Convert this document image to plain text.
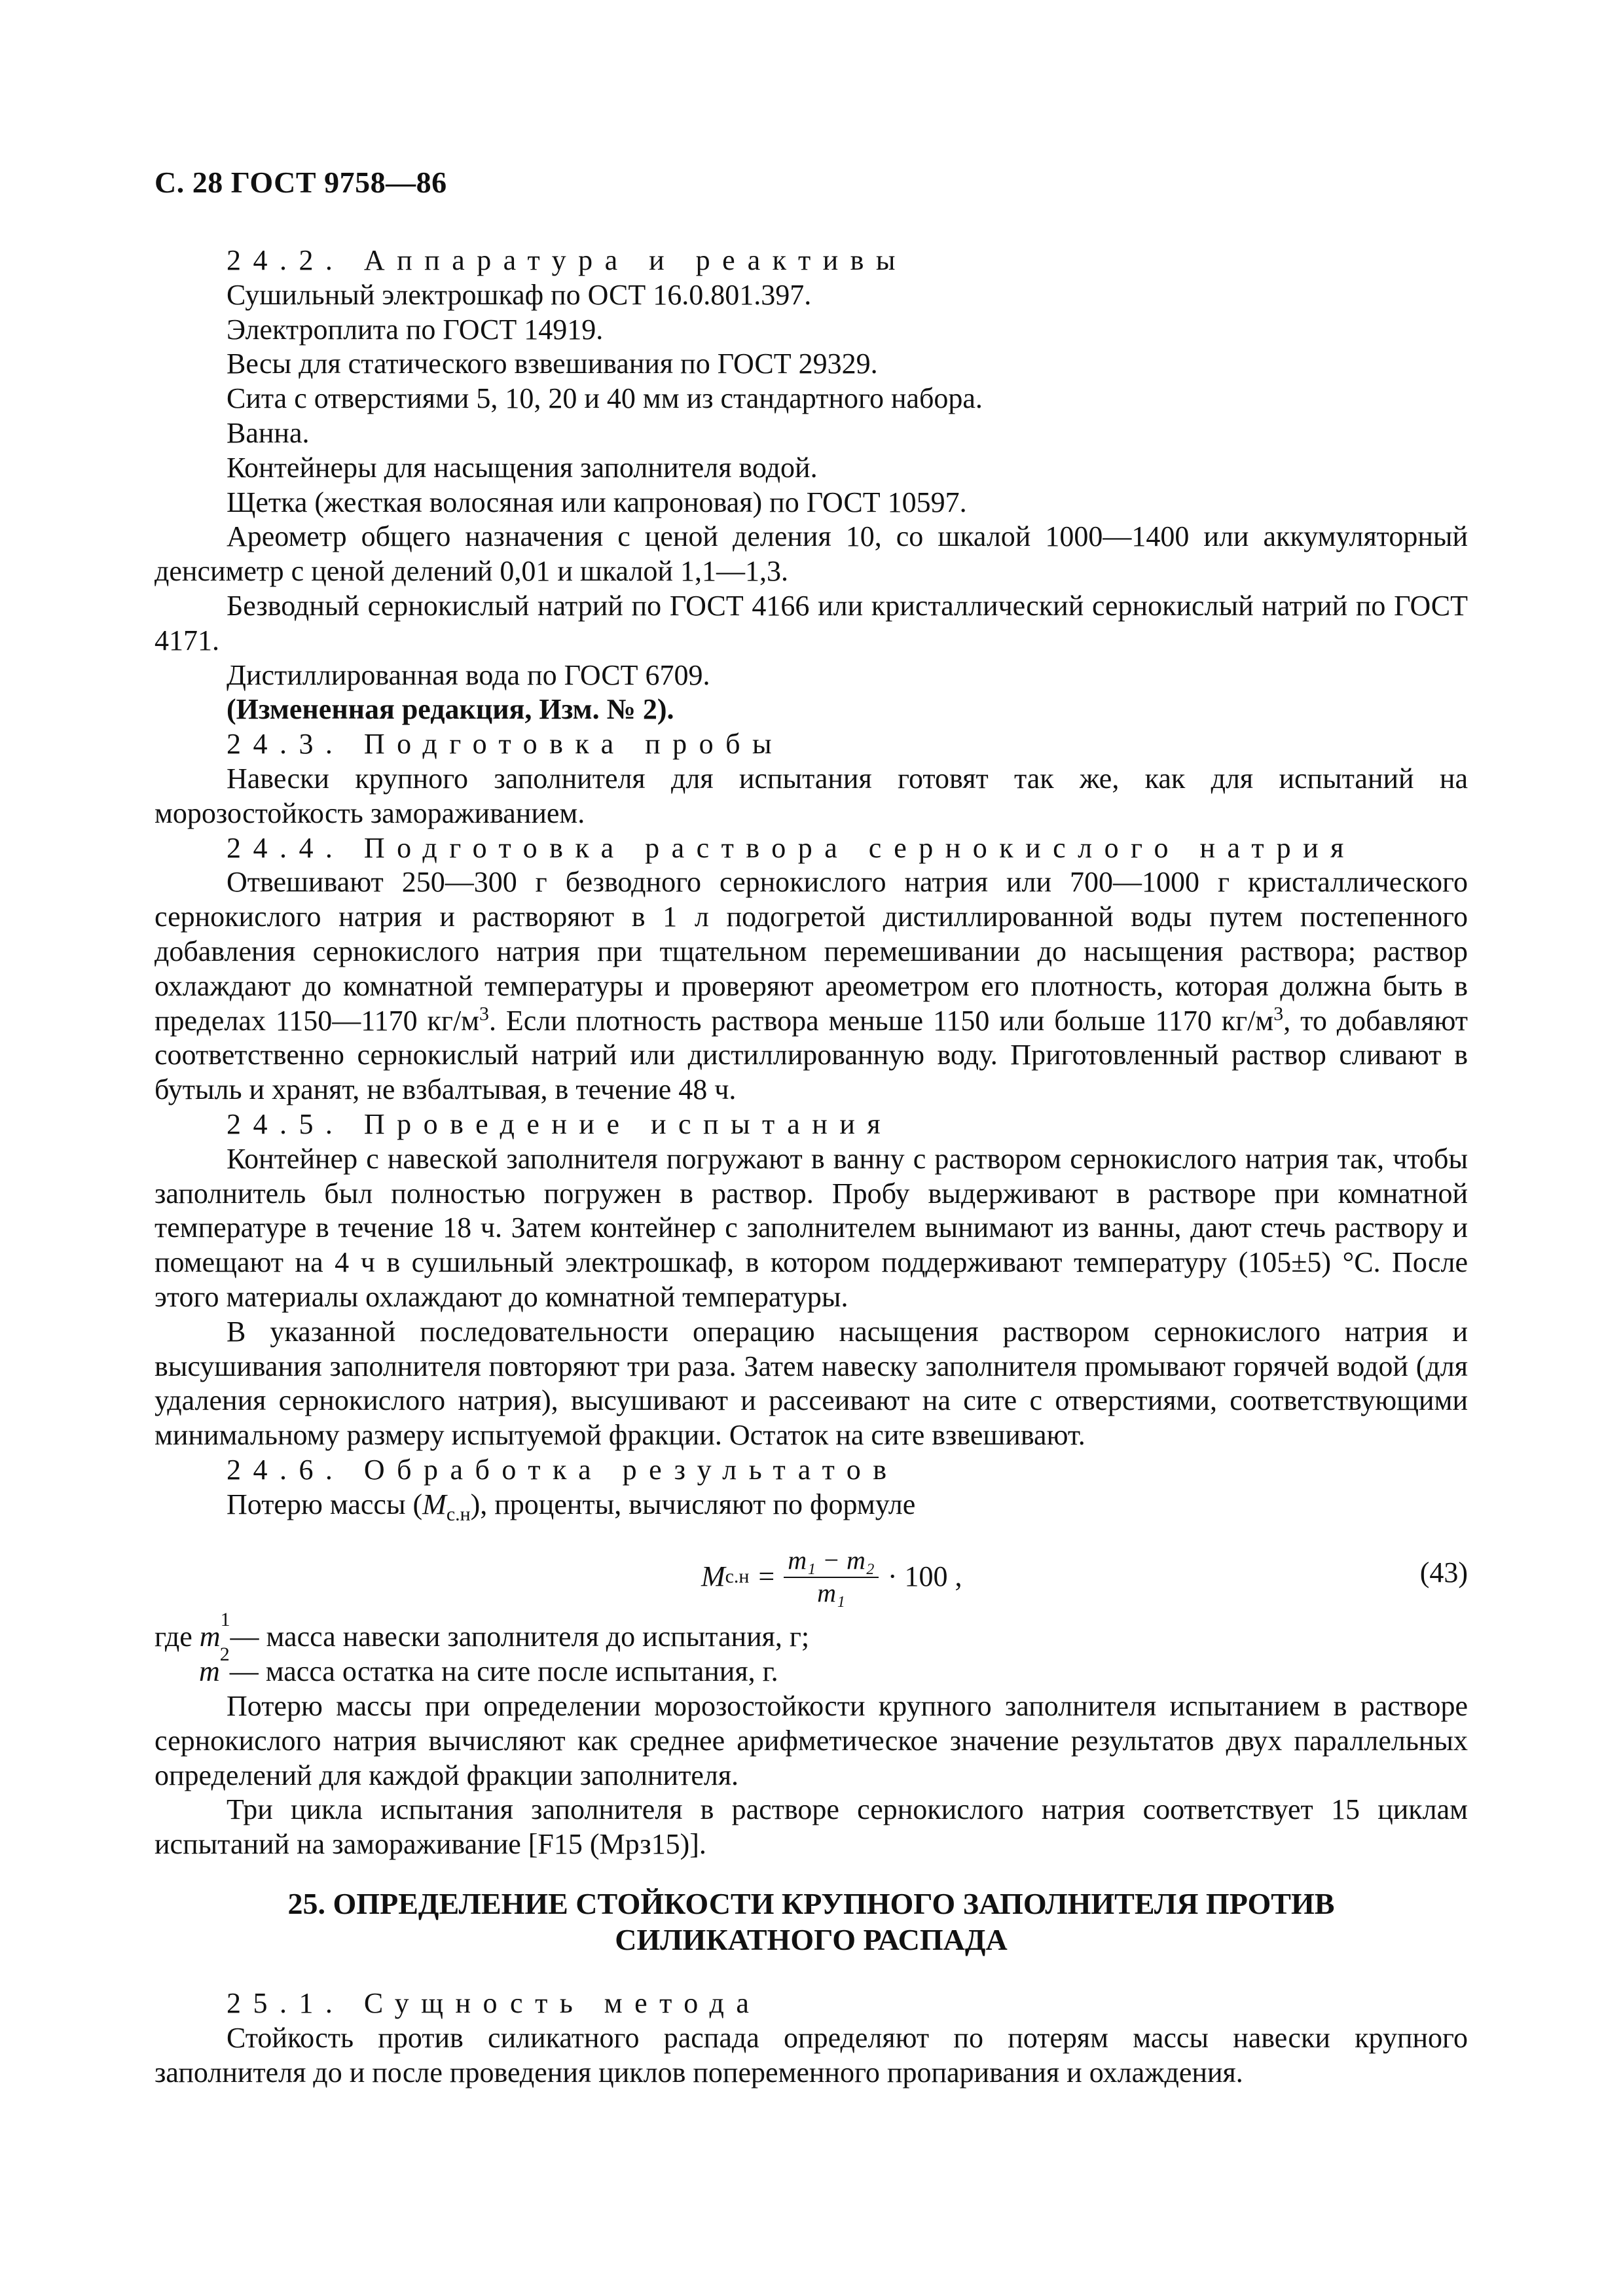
С. 28 ГОСТ 9758—86

24.2. Аппаратура и реактивы

Сушильный электрошкаф по ОСТ 16.0.801.397.

Электроплита по ГОСТ 14919.

Весы для статического взвешивания по ГОСТ 29329.

Сита с отверстиями 5, 10, 20 и 40 мм из стандартного набора.

Ванна.

Контейнеры для насыщения заполнителя водой.

Щетка (жесткая волосяная или капроновая) по ГОСТ 10597.

Ареометр общего назначения с ценой деления 10, со шкалой 1000—1400 или аккумуляторный денсиметр с ценой делений 0,01 и шкалой 1,1—1,3.

Безводный сернокислый натрий по ГОСТ 4166 или кристаллический сернокислый натрий по ГОСТ 4171.

Дистиллированная вода по ГОСТ 6709.

(Измененная редакция, Изм. № 2).

24.3. Подготовка пробы

Навески крупного заполнителя для испытания готовят так же, как для испытаний на морозостойкость замораживанием.

24.4. Подготовка раствора сернокислого натрия

Отвешивают 250—300 г безводного сернокислого натрия или 700—1000 г кристаллического сернокислого натрия и растворяют в 1 л подогретой дистиллированной воды путем постепенного добавления сернокислого натрия при тщательном перемешивании до насыщения раствора; раствор охлаждают до комнатной температуры и проверяют ареометром его плотность, которая должна быть в пределах 1150—1170 $кг/м^3$. Если плотность раствора меньше 1150 или больше 1170 $кг/м^3$, то добавляют соответственно сернокислый натрий или дистиллированную воду. Приготовленный раствор сливают в бутыль и хранят, не взбалтывая, в течение 48 ч.

24.5. Проведение испытания

Контейнер с навеской заполнителя погружают в ванну с раствором сернокислого натрия так, чтобы заполнитель был полностью погружен в раствор. Пробу выдерживают в растворе при комнатной температуре в течение 18 ч. Затем контейнер с заполнителем вынимают из ванны, дают стечь раствору и помещают на 4 ч в сушильный электрошкаф, в котором поддерживают температуру (105±5) °С. После этого материалы охлаждают до комнатной температуры.

В указанной последовательности операцию насыщения раствором сернокислого натрия и высушивания заполнителя повторяют три раза. Затем навеску заполнителя промывают горячей водой (для удаления сернокислого натрия), высушивают и рассеивают на сите с отверстиями, соответствующими минимальному размеру испытуемой фракции. Остаток на сите взвешивают.

24.6. Обработка результатов

Потерю массы $(M_{с.н})$, проценты, вычисляют по формуле

M $с.н = \frac{\text{m₁ − m₂}}{\text{m₁}} \cdot 100$ ,	(43)
где
m
1
— масса навески заполнителя до испытания, г;
m
2
— масса остатка на сите после испытания, г.

Потерю массы при определении морозостойкости крупного заполнителя испытанием в растворе сернокислого натрия вычисляют как среднее арифметическое значение результатов двух параллельных определений для каждой фракции заполнителя.

Три цикла испытания заполнителя в растворе сернокислого натрия соответствует 15 циклам испытаний на замораживание [F15 (Мрз15)].

25. ОПРЕДЕЛЕНИЕ СТОЙКОСТИ КРУПНОГО ЗАПОЛНИТЕЛЯ ПРОТИВ
СИЛИКАТНОГО РАСПАДА

25.1. Сущность метода

Стойкость против силикатного распада определяют по потерям массы навески крупного заполнителя до и после проведения циклов попеременного пропаривания и охлаждения.
